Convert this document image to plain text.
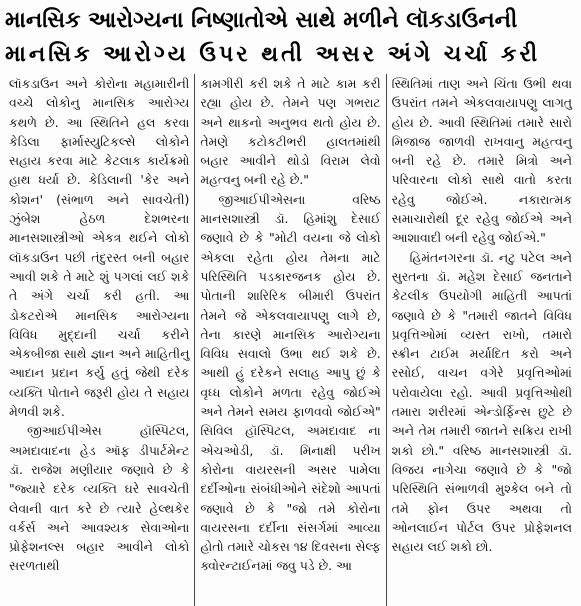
માનસિક આરોગ્યના નિષ્ણાતોએ સાથે મળીને લૉકડાઉનની
માનસિક આરોગ્ય ઉપર થતી અસર અંગે ચર્ચા કરી

લૉકડાઉન અને કોરોના મહામારીની વચ્ચે લોકોનુ માનસિક આરોગ્ય કથળે છે. આ સ્થિતિને હલ કરવા કેડિલા ફાર્માસ્યુટિકલ્સે લોકોને સહાય કરવા માટે કેટલાક કાર્યક્રમો હાથ ધર્યા છે. કેડિલાની 'કેર અને કોશન' (સંભાળ અને સાવચેતી) ઝુંબેશ હેઠળ દેશભરના માનસશાસ્ત્રીઓ એકત્ર થઈને લોકો લૉકડાઉન પછી તંદુરસ્ત બની બહાર આવી શકે તે માટે શું પગલાં લઈ શકે તે અંગે ચર્ચા કરી હતી. આ ડોકટરોએ માનસિક આરોગ્યના વિવિધ મુદ્દાની ચર્ચા કરીને એકબીજા સાથે જ્ઞાન અને માહિતીનુ આદાન પ્રદાન કર્યુ હતું જેથી દરેક વ્યક્તિ પોતાને જરૂરી હોય તે સહાય મેળવી શકે.

જીઆઈપીએસ હૉસ્પિટલ, અમદાવાદના હેડ ઑફ ડીપાર્ટમેન્ટ ડૉ. રાજેશ મણીયાર જણાવે છે કે "જ્યારે દરેક વ્યક્તિ ઘરે સાવચેતી લેવાની વાત કરે છે ત્યારે હેલ્થકેર વર્કર્સ અને આવશ્યક સેવાઓના પ્રોફેશનલ્સ બહાર આવીને લોકો સરળતાથી

કામગીરી કરી શકે તે માટે કામ કરી રહ્યા હોય છે. તેમને પણ ગભરાટ અને થાકનો અનુભવ થતો હોય છે. તેમણે કટોકટીભરી હાલતમાંથી બહાર આવીને થોડો વિરામ લેવો મહત્વનુ બની રહે છે."

જીઆઈપીએસના વરિષ્ઠ માનસશાસ્ત્રી ડૉ. હિમાંશુ દેસાઈ જણાવે છે કે "મોટી વયના જે લોકો એકલા રહેતા હોય તેમના માટે પરિસ્થિતિ પડકારજનક હોય છે. પોતાની શારિરિક બીમારી ઉપરાંત તેમને જે એકલવાયાપણુ લાગે છે, તેના કારણે માનસિક આરોગ્યના વિવિધ સવાલો ઉભા થઈ શકે છે. આથી હું દરેકને સલાહ આપુ છું કે વૃધ્ધ લોકોને મળતા રહેવુ જોઈએ અને તેમને સમય ફાળવવો જોઈએ" સિવિલ હૉસ્પિટલ, અમદાવાદ ના એચઓડી, ડૉ. મિનાક્ષી પરીખ કોરોના વાયરસની અસર પામેલા દર્દીઓના સંબંધીઓને સંદેશો આપતાં જણાવે છે કે "જો તમે કોરોના વાયરસના દર્દીના સંસર્ગમાં આવ્યા હોતો તમારે ચોકસ ૧૪ દિવસના સેલ્ફ ક્વોરન્ટાઈનમાં જવુ પડે છે. આ

સ્થિતિમાં તાણ અને ચિંતા ઉભી થવા ઉપરાંત તમને એકલવાયાપણુ લાગતુ હોય છે. આવી સ્થિતિમાં તમારે સારો મિજાજ જાળવી રાખવાનુ મહત્વનુ બની રહે છે. તમારે મિત્રો અને પરિવારના લોકો સાથે વાતો કરતા રહેવુ જોઈએ. નકારાત્મક સમાચારોથી દૂર રહેવુ જોઈએ અને આશાવાદી બની રહેવુ જોઈએ."

હિમંતનગરના ડૉ. નટુ પટેલ અને સુરતના ડૉ. મહેશ દેસાઈ જનતાને કેટલીક ઉપયોગી માહિતી આપતાં જણાવે છે કે "તમારી જાતને વિવિધ પ્રવૃત્તિઓમાં વ્યસ્ત રાખો, તમારો સ્ક્રીન ટાઈમ મર્યાદિત કરો અને રસોઈ, વાચન વગેરે પ્રવૃત્તિઓમાં પરોવાયેલા રહો. આવી પ્રવૃત્તિઓથી તમારા શરીરમાં એન્ડોર્ફિન્સ છુટે છે અને તેમ તમારી જાતને સક્રિય રાખી શકો છો." વરિષ્ઠ માનસશાસ્ત્રી ડૉ. વિજય નાગેચા જણાવે છે કે "જો પરિસ્થિતિ સંભાળવી મુશ્કેલ બને તો તમે ફોન ઉપર અથવા તો ઓનલાઈન પોર્ટલ ઉપર પ્રોફેશનલ સહાય લઈ શકો છો.
